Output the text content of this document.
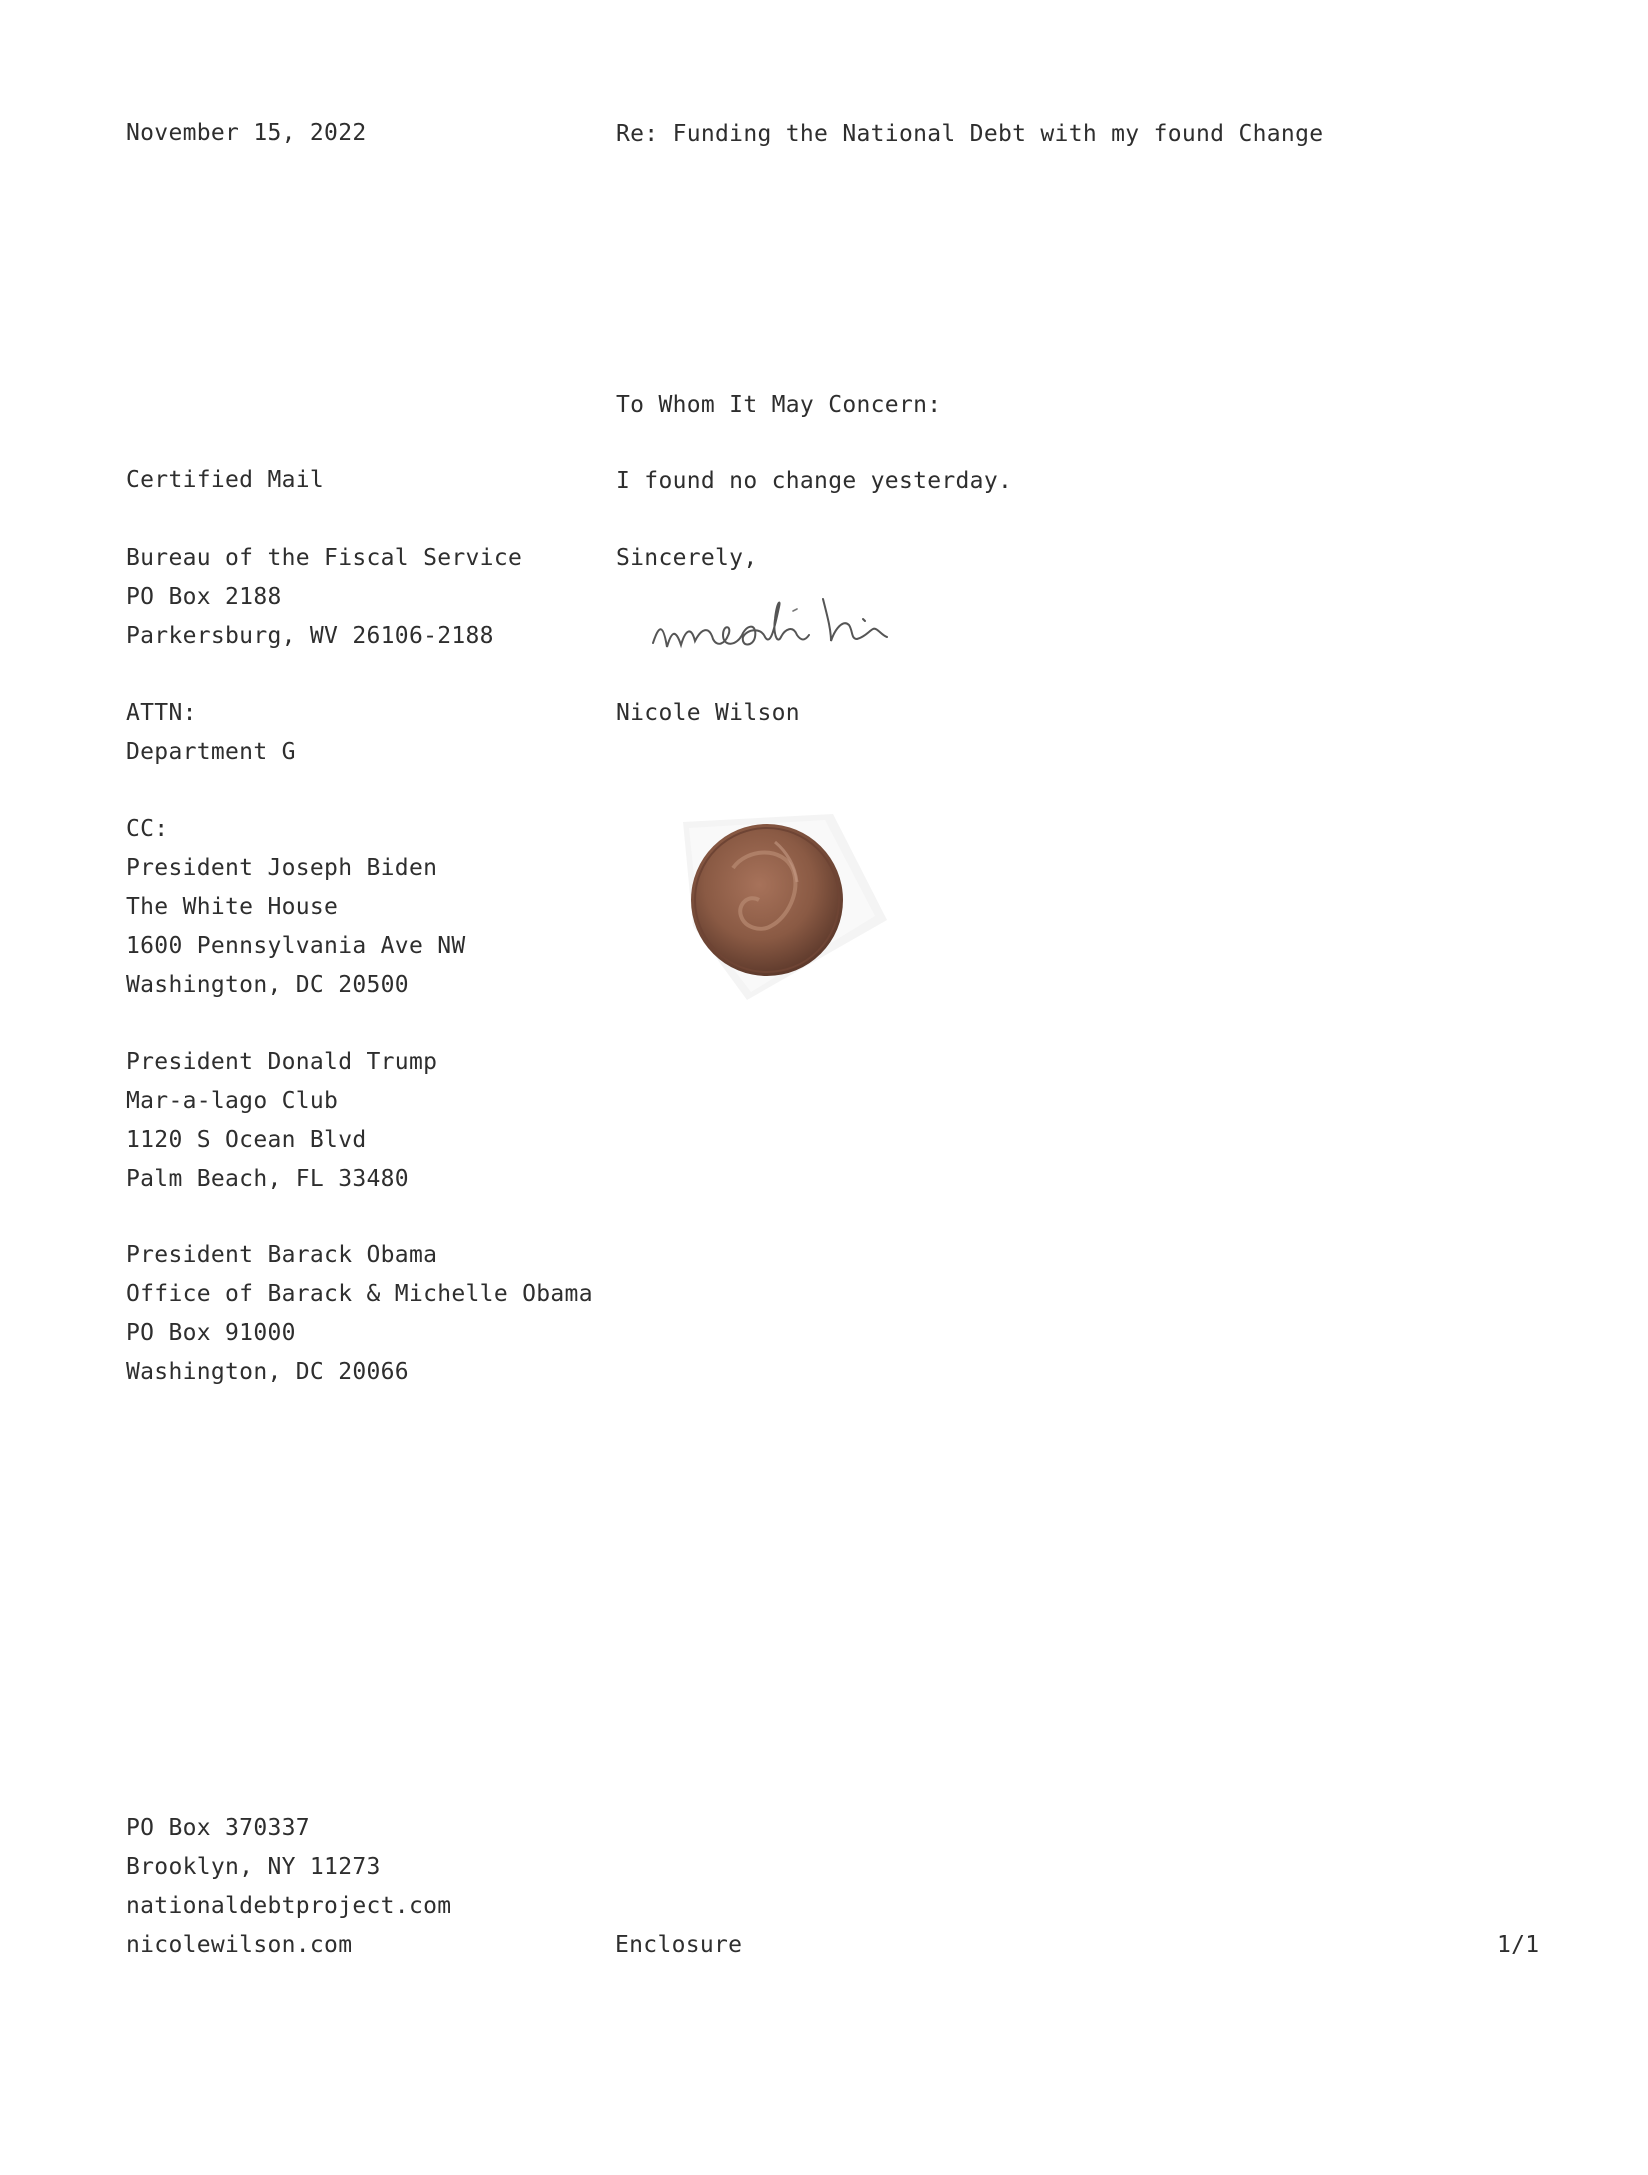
November 15, 2022	Re: Funding the National Debt with my found Change
To Whom It May Concern:
Certified Mail	I found no change yesterday.
Bureau of the Fiscal Service
PO Box 2188
Parkersburg, WV 26106-2188
Sincerely,
ATTN:
Department G
Nicole Wilson
CC:
President Joseph Biden
The White House
1600 Pennsylvania Ave NW
Washington, DC 20500
President Donald Trump
Mar-a-lago Club
1120 S Ocean Blvd
Palm Beach, FL 33480
President Barack Obama
Office of Barack & Michelle Obama
PO Box 91000
Washington, DC 20066
PO Box 370337
Brooklyn, NY 11273
nationaldebtproject.com
nicolewilson.com	Enclosure	1/1
